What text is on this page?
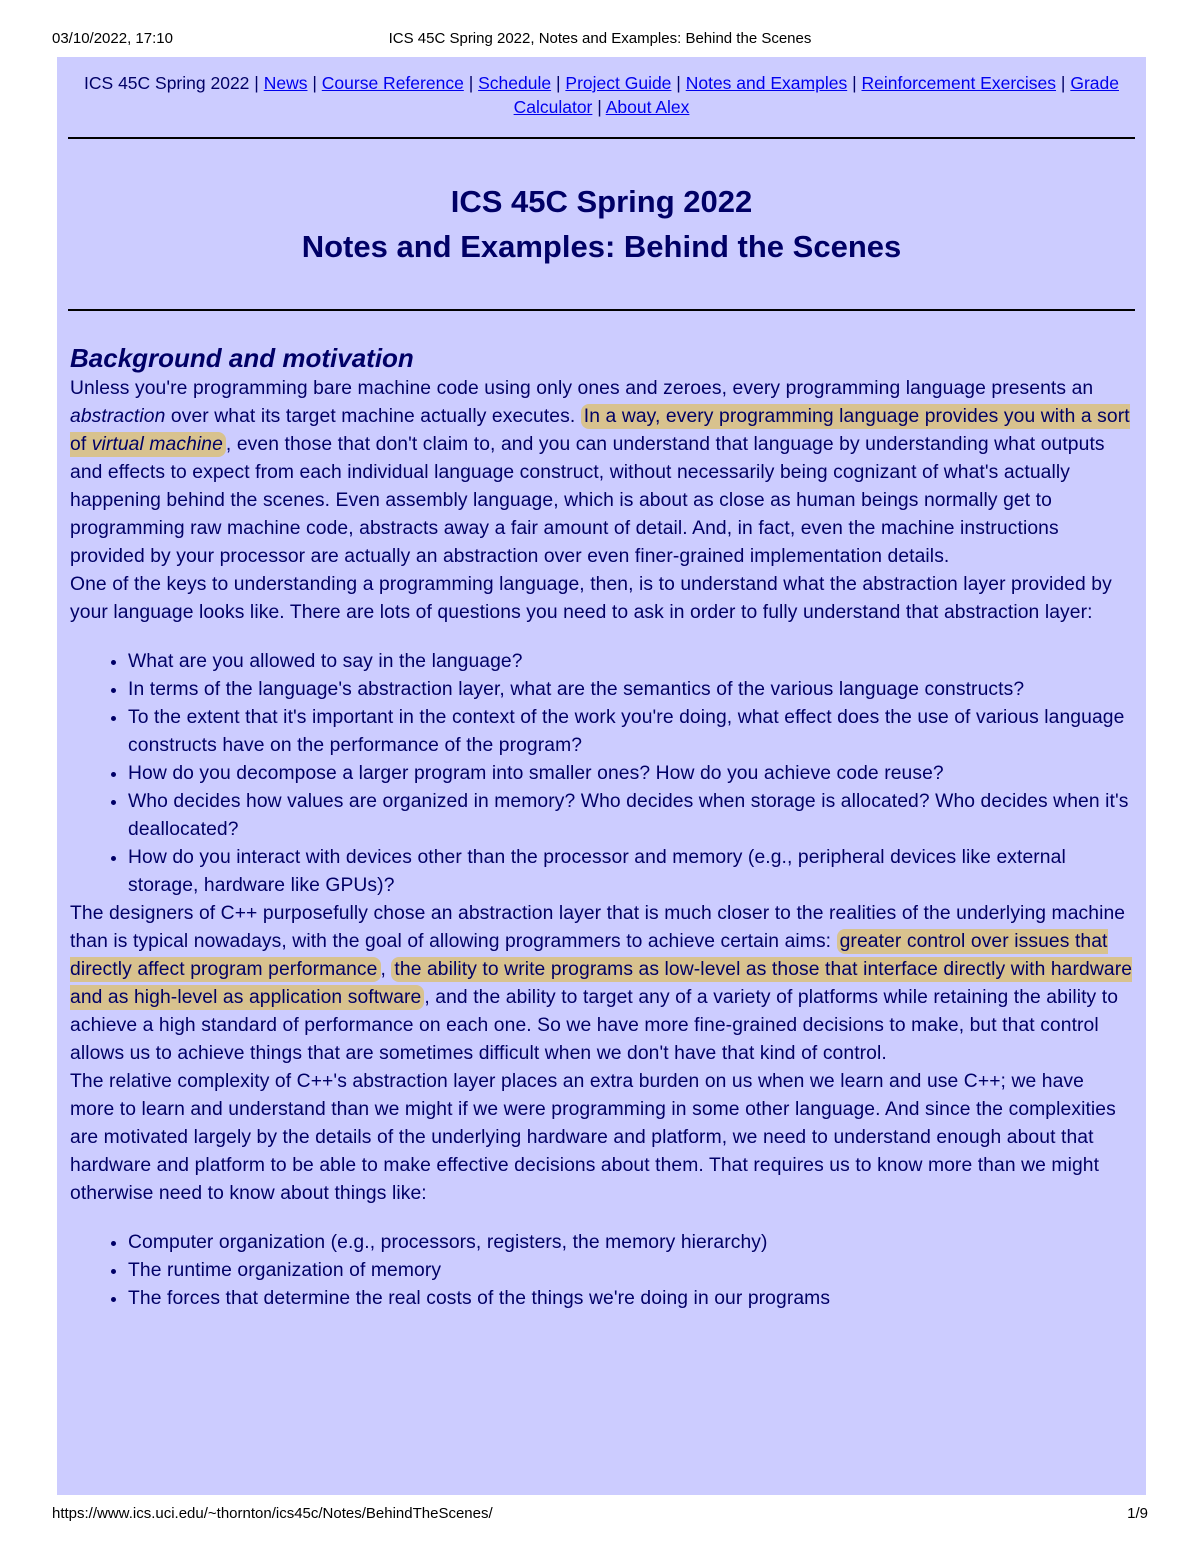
03/10/2022, 17:10	ICS 45C Spring 2022, Notes and Examples: Behind the Scenes
ICS 45C Spring 2022 | News | Course Reference | Schedule | Project Guide | Notes and Examples | Reinforcement Exercises | Grade Calculator | About Alex
ICS 45C Spring 2022
Notes and Examples: Behind the Scenes
Background and motivation

Unless you're programming bare machine code using only ones and zeroes, every programming language presents an abstraction over what its target machine actually executes. In a way, every programming language provides you with a sort of virtual machine , even those that don't claim to, and you can understand that language by understanding what outputs and effects to expect from each individual language construct, without necessarily being cognizant of what's actually happening behind the scenes. Even assembly language, which is about as close as human beings normally get to programming raw machine code, abstracts away a fair amount of detail. And, in fact, even the machine instructions provided by your processor are actually an abstraction over even finer-grained implementation details.

One of the keys to understanding a programming language, then, is to understand what the abstraction layer provided by your language looks like. There are lots of questions you need to ask in order to fully understand that abstraction layer:

• What are you allowed to say in the language?
• In terms of the language's abstraction layer, what are the semantics of the various language constructs?
• To the extent that it's important in the context of the work you're doing, what effect does the use of various language constructs have on the performance of the program?
• How do you decompose a larger program into smaller ones? How do you achieve code reuse?
• Who decides how values are organized in memory? Who decides when storage is allocated? Who decides when it's deallocated?
• How do you interact with devices other than the processor and memory (e.g., peripheral devices like external storage, hardware like GPUs)?

The designers of C++ purposefully chose an abstraction layer that is much closer to the realities of the underlying machine than is typical nowadays, with the goal of allowing programmers to achieve certain aims: greater control over issues that directly affect program performance , the ability to write programs as low-level as those that interface directly with hardware and as high-level as application software , and the ability to target any of a variety of platforms while retaining the ability to achieve a high standard of performance on each one. So we have more fine-grained decisions to make, but that control allows us to achieve things that are sometimes difficult when we don't have that kind of control.

The relative complexity of C++'s abstraction layer places an extra burden on us when we learn and use C++; we have more to learn and understand than we might if we were programming in some other language. And since the complexities are motivated largely by the details of the underlying hardware and platform, we need to understand enough about that hardware and platform to be able to make effective decisions about them. That requires us to know more than we might otherwise need to know about things like:

• Computer organization (e.g., processors, registers, the memory hierarchy)
• The runtime organization of memory
• The forces that determine the real costs of the things we're doing in our programs
https://www.ics.uci.edu/~thornton/ics45c/Notes/BehindTheScenes/	1/9
